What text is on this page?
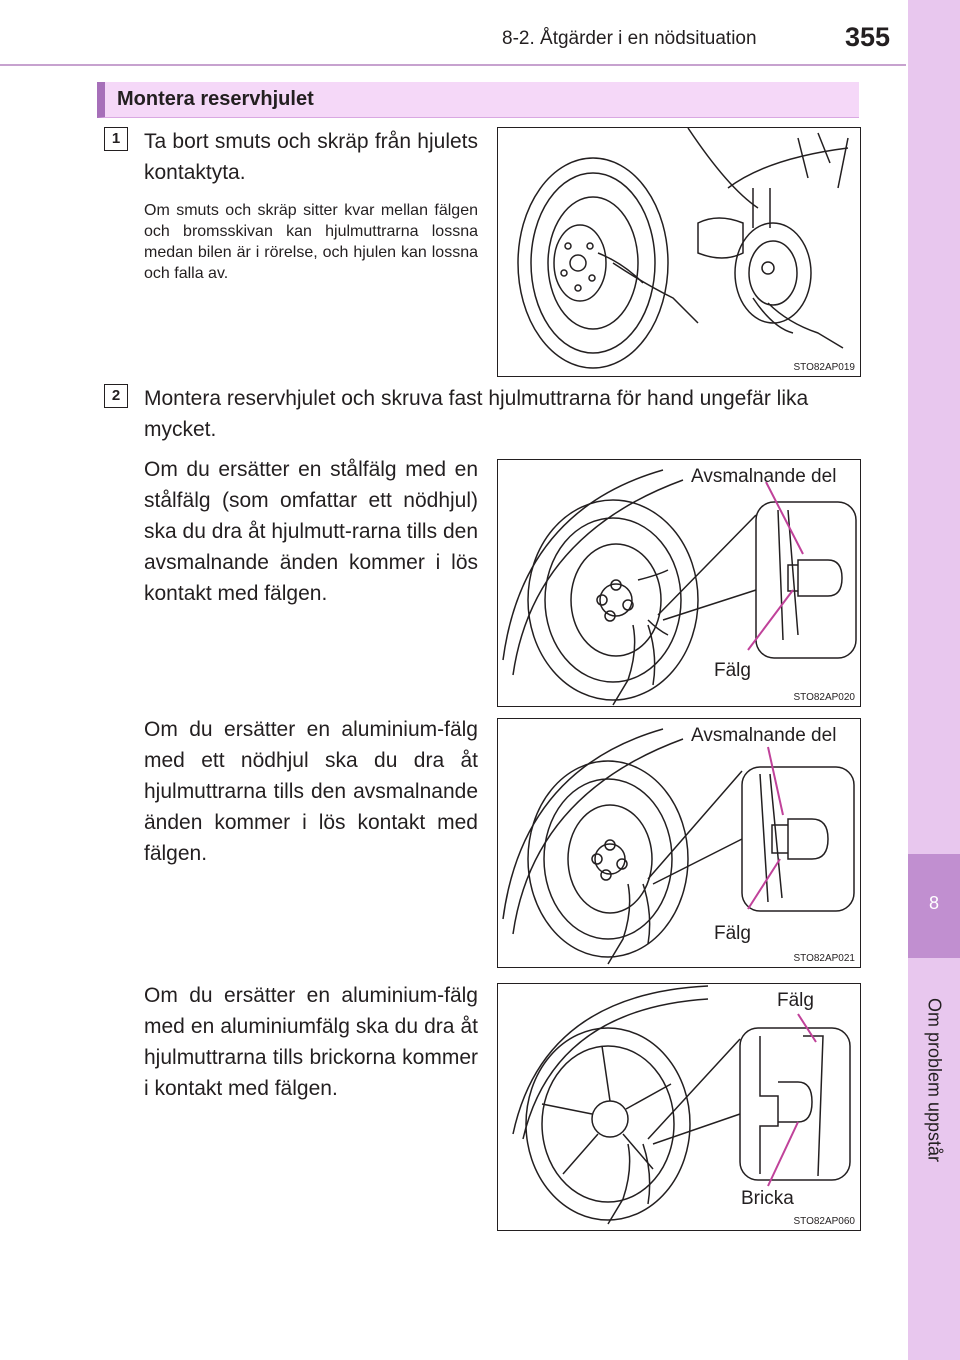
8-2. Åtgärder i en nödsituation	355
8
Om problem uppstår
Montera reservhjulet
1	Ta bort smuts och skräp från hjulets kontaktyta.
Om smuts och skräp sitter kvar mellan fälgen och bromsskivan kan hjulmuttrarna lossna medan bilen är i rörelse, och hjulen kan lossna och falla av.
STO82AP019
2	Montera reservhjulet och skruva fast hjulmuttrarna för hand ungefär lika mycket.
Om du ersätter en stålfälg med en stålfälg (som omfattar ett nödhjul) ska du dra åt hjulmutt-rarna tills den avsmalnande änden kommer i lös kontakt med fälgen.
Avsmalnande del
Fälg
STO82AP020
Om du ersätter en aluminium-fälg med ett nödhjul ska du dra åt hjulmuttrarna tills den avsmalnande änden kommer i lös kontakt med fälgen.
Avsmalnande del
Fälg
STO82AP021
Om du ersätter en aluminium-fälg med en aluminiumfälg ska du dra åt hjulmuttrarna tills brickorna kommer i kontakt med fälgen.
Fälg
Bricka
STO82AP060
